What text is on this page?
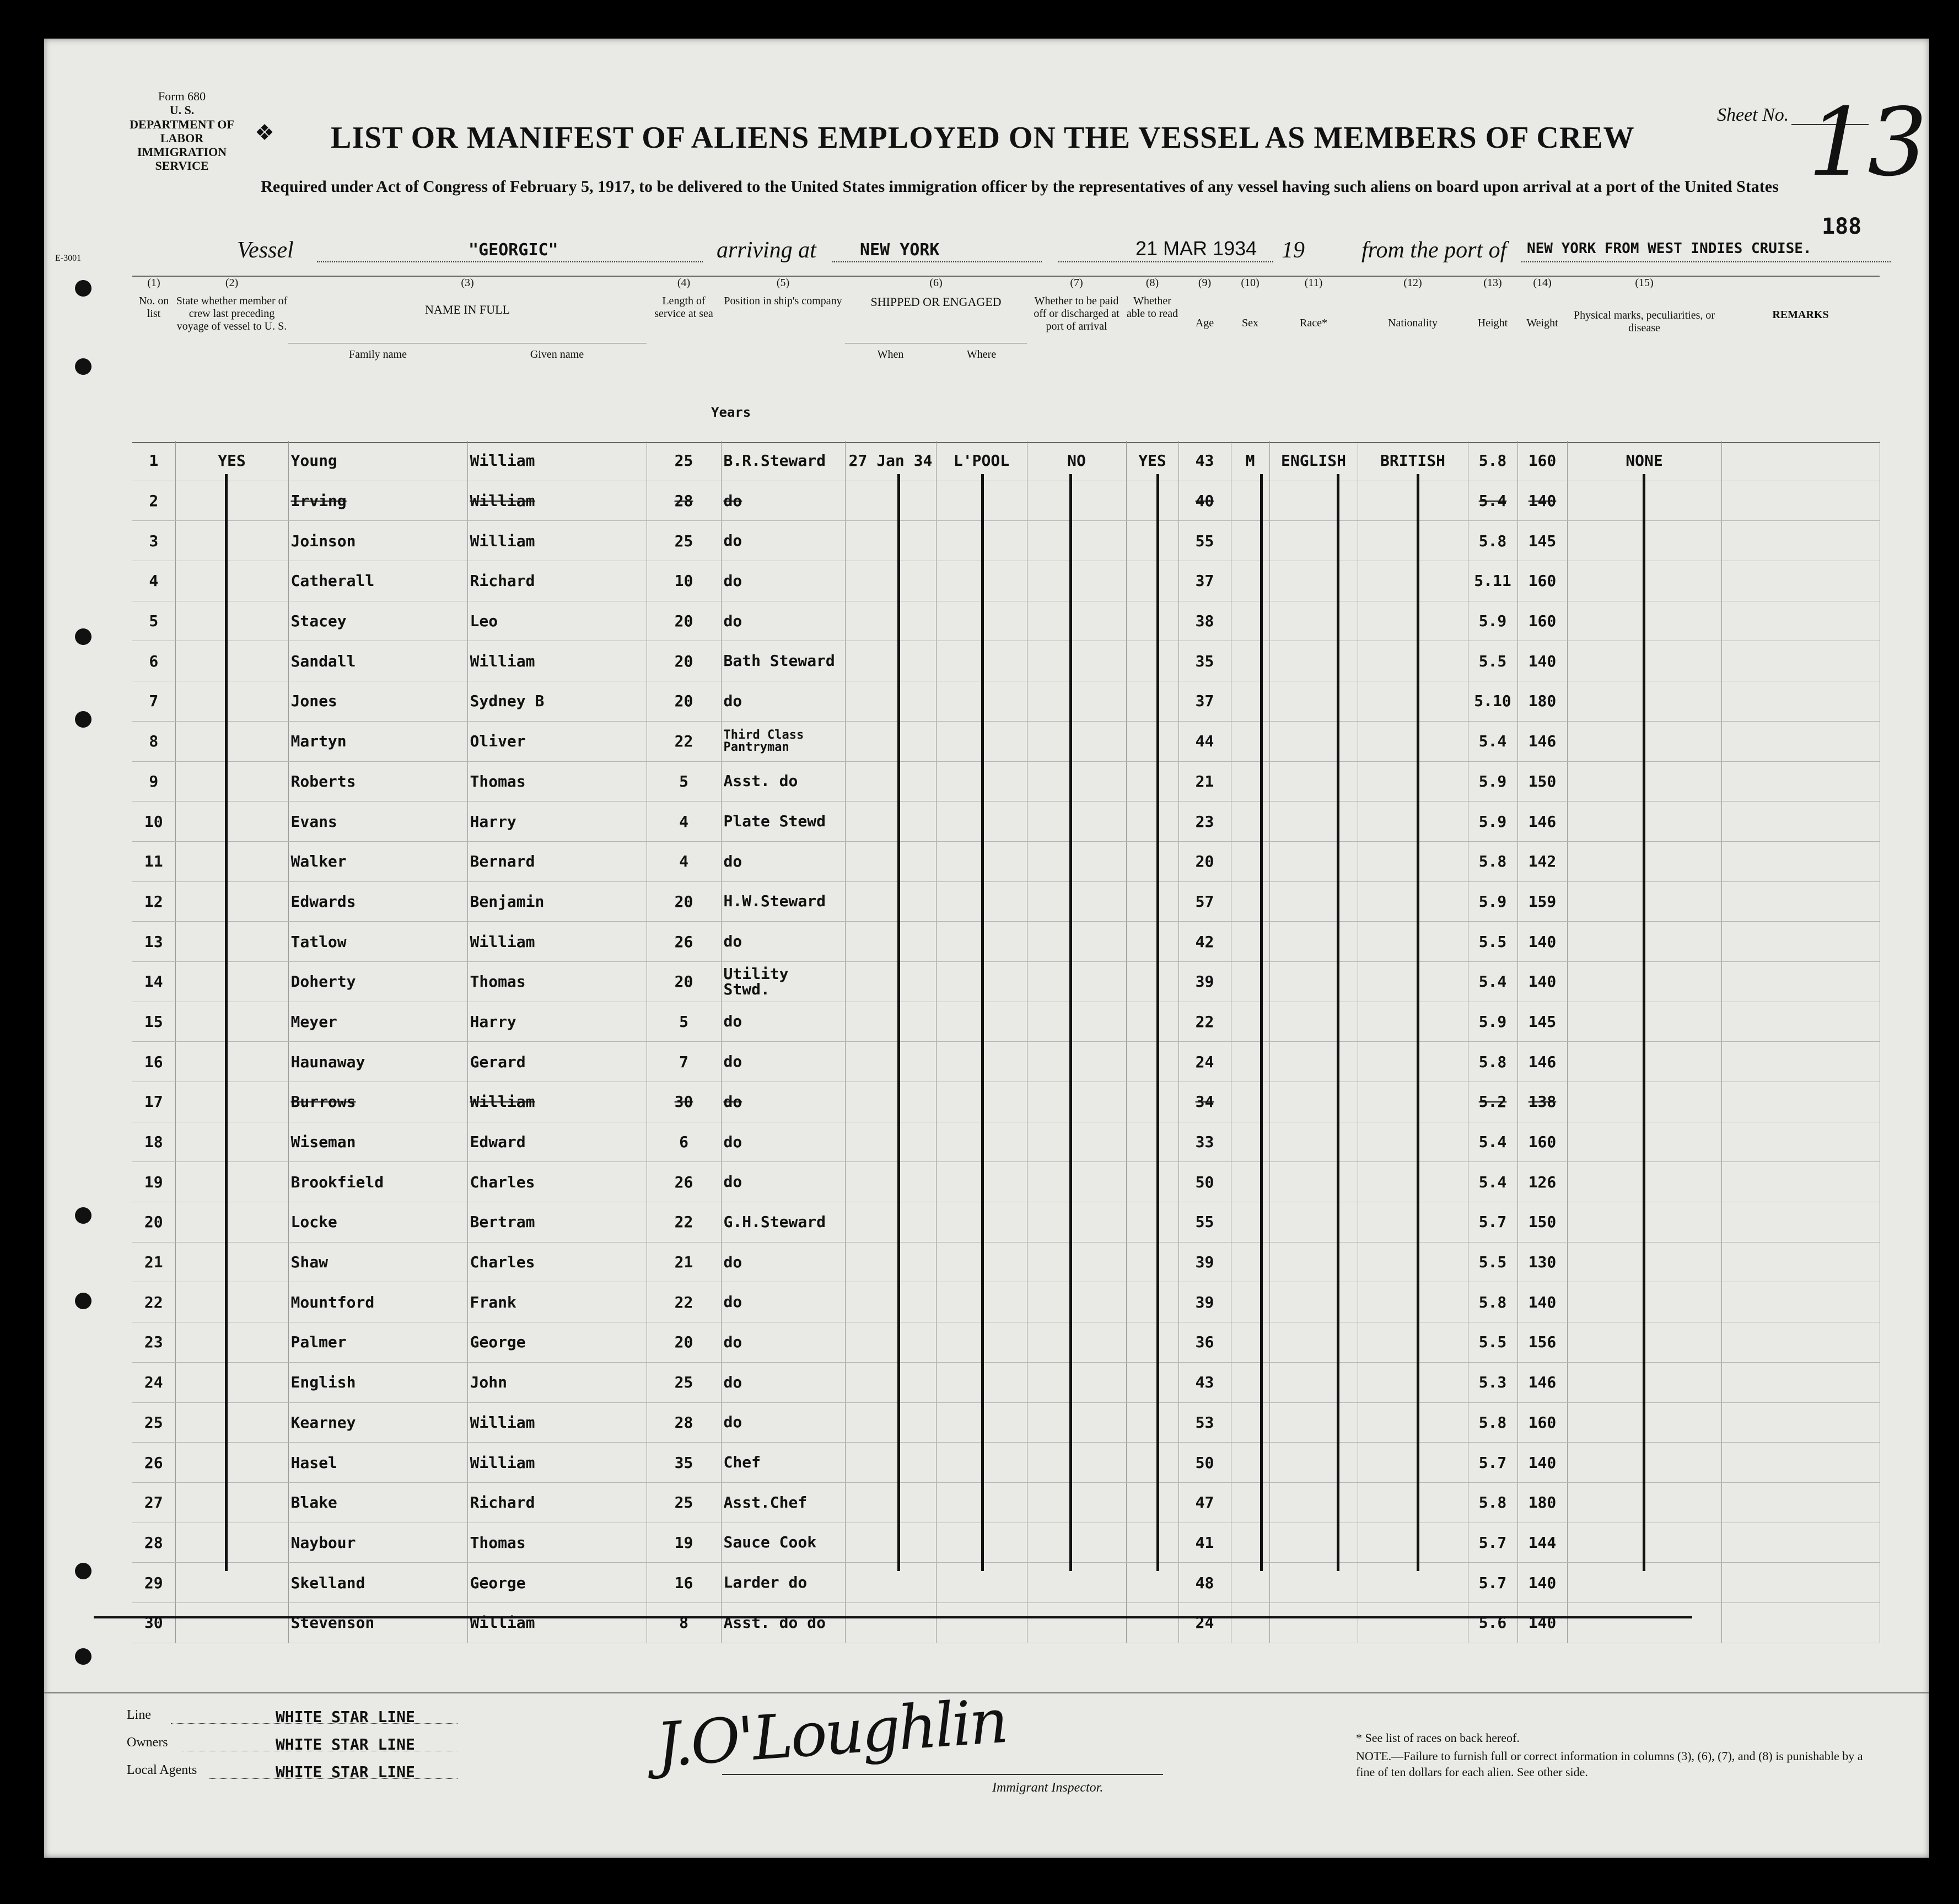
Form 680
U. S. DEPARTMENT OF LABOR
IMMIGRATION SERVICE
E-3001
❖ LIST OR MANIFEST OF ALIENS EMPLOYED ON THE VESSEL AS MEMBERS OF CREW
Sheet No. 13
188
Required under Act of Congress of February 5, 1917, to be delivered to the United States immigration officer by the representatives of any vessel having such aliens on board upon arrival at a port of the United States
Vessel	"GEORGIC"	arriving at	NEW YORK	21 MAR 1934 19 from the port of NEW YORK FROM WEST INDIES CRUISE.
(1)
No. on list
(2)
State whether member of crew last preceding voyage of vessel to U. S.
(3)
NAME IN FULL
Family name	Given name
(4)
Length of service at sea
(5)
Position in ship's company
(6)
SHIPPED OR ENGAGED
When	Where
(7)
Whether to be paid off or discharged at port of arrival
(8)
Whether able to read
(9)
Age
(10)
Sex
(11)
Race*
(12)
Nationality
(13)
Height
(14)
Weight
(15)
Physical marks, peculiarities, or disease
REMARKS
Years
1	YES	Young	William	25	B.R.Steward	27 Jan 34	L'POOL	NO	YES	43	M	ENGLISH	BRITISH	5.8	160	NONE	
2		Irving	William	28	do					40				5.4	140		
3		Joinson	William	25	do					55				5.8	145		
4		Catherall	Richard	10	do					37				5.11	160		
5		Stacey	Leo	20	do					38				5.9	160		
6		Sandall	William	20	Bath Steward					35				5.5	140		
7		Jones	Sydney B	20	do					37				5.10	180		
8		Martyn	Oliver	22	Third Class Pantryman					44				5.4	146		
9		Roberts	Thomas	5	Asst. do					21				5.9	150		
10		Evans	Harry	4	Plate Stewd					23				5.9	146		
11		Walker	Bernard	4	do					20				5.8	142		
12		Edwards	Benjamin	20	H.W.Steward					57				5.9	159		
13		Tatlow	William	26	do					42				5.5	140		
14		Doherty	Thomas	20	Utility Stwd.					39				5.4	140		
15		Meyer	Harry	5	do					22				5.9	145		
16		Haunaway	Gerard	7	do					24				5.8	146		
17		Burrows	William	30	do					34				5.2	138		
18		Wiseman	Edward	6	do					33				5.4	160		
19		Brookfield	Charles	26	do					50				5.4	126		
20		Locke	Bertram	22	G.H.Steward					55				5.7	150		
21		Shaw	Charles	21	do					39				5.5	130		
22		Mountford	Frank	22	do					39				5.8	140		
23		Palmer	George	20	do					36				5.5	156		
24		English	John	25	do					43				5.3	146		
25		Kearney	William	28	do					53				5.8	160		
26		Hasel	William	35	Chef					50				5.7	140		
27		Blake	Richard	25	Asst.Chef					47				5.8	180		
28		Naybour	Thomas	19	Sauce Cook					41				5.7	144		
29		Skelland	George	16	Larder do					48				5.7	140		
30		Stevenson	William	8	Asst. do do					24				5.6	140		
Line	WHITE STAR LINE
Owners	WHITE STAR LINE
Local Agents	WHITE STAR LINE	J.O'Loughlin
Immigrant Inspector.
* See list of races on back hereof.
NOTE.—Failure to furnish full or correct information in columns (3), (6), (7), and (8) is punishable by a fine of ten dollars for each alien. See other side.
